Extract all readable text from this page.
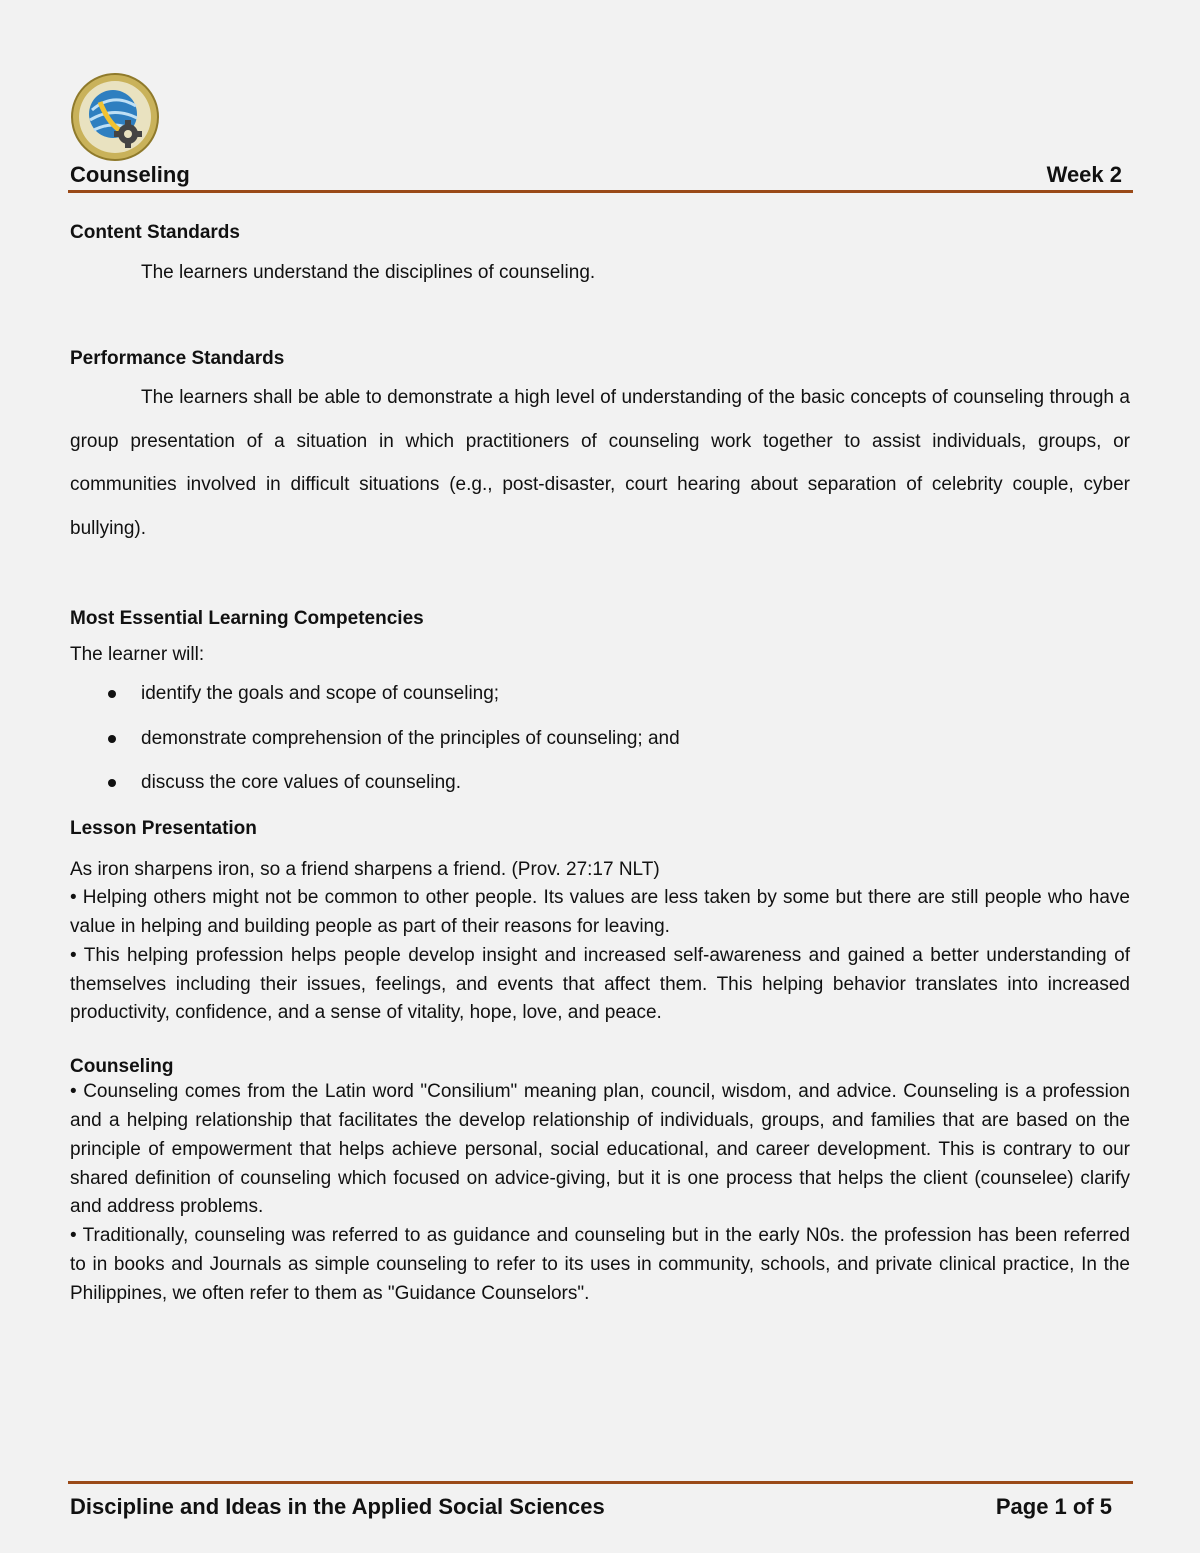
Counseling	Week 2

Content Standards

The learners understand the disciplines of counseling.

Performance Standards

The learners shall be able to demonstrate a high level of understanding of the basic concepts of counseling through a group presentation of a situation in which practitioners of counseling work together to assist individuals, groups, or communities involved in difficult situations (e.g., post-disaster, court hearing about separation of celebrity couple, cyber bullying).

Most Essential Learning Competencies

The learner will:

identify the goals and scope of counseling;
demonstrate comprehension of the principles of counseling; and
discuss the core values of counseling.

Lesson Presentation

As iron sharpens iron, so a friend sharpens a friend. (Prov. 27:17 NLT)

• Helping others might not be common to other people. Its values are less taken by some but there are still people who have value in helping and building people as part of their reasons for leaving.

• This helping profession helps people develop insight and increased self-awareness and gained a better understanding of themselves including their issues, feelings, and events that affect them. This helping behavior translates into increased productivity, confidence, and a sense of vitality, hope, love, and peace.

Counseling

• Counseling comes from the Latin word "Consilium" meaning plan, council, wisdom, and advice. Counseling is a profession and a helping relationship that facilitates the develop relationship of individuals, groups, and families that are based on the principle of empowerment that helps achieve personal, social educational, and career development. This is contrary to our shared definition of counseling which focused on advice-giving, but it is one process that helps the client (counselee) clarify and address problems.

• Traditionally, counseling was referred to as guidance and counseling but in the early N0s. the profession has been referred to in books and Journals as simple counseling to refer to its uses in community, schools, and private clinical practice, In the Philippines, we often refer to them as "Guidance Counselors".

Discipline and Ideas in the Applied Social Sciences	Page 1 of 5
